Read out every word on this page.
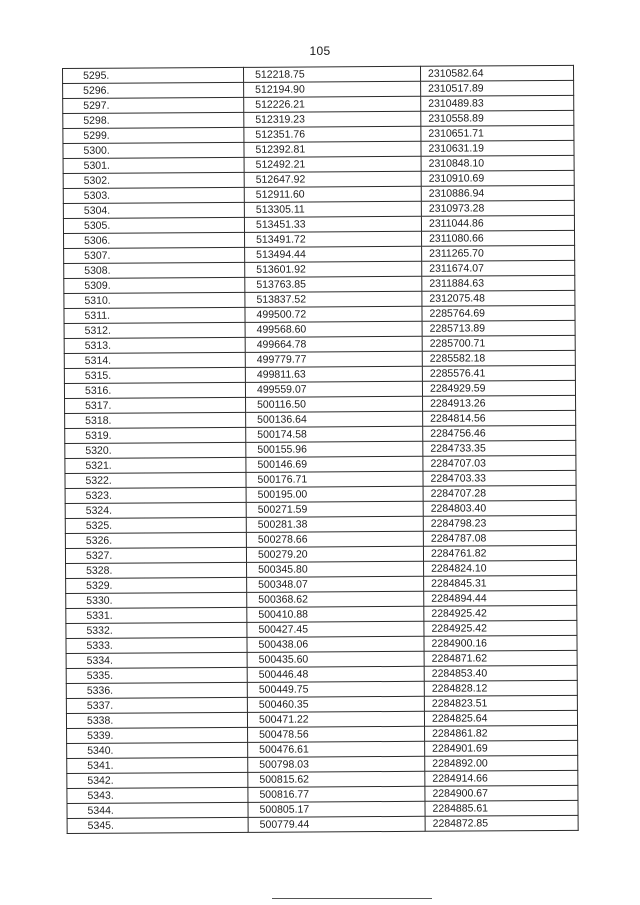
105
5295.	512218.75	2310582.64
5296.	512194.90	2310517.89
5297.	512226.21	2310489.83
5298.	512319.23	2310558.89
5299.	512351.76	2310651.71
5300.	512392.81	2310631.19
5301.	512492.21	2310848.10
5302.	512647.92	2310910.69
5303.	512911.60	2310886.94
5304.	513305.11	2310973.28
5305.	513451.33	2311044.86
5306.	513491.72	2311080.66
5307.	513494.44	2311265.70
5308.	513601.92	2311674.07
5309.	513763.85	2311884.63
5310.	513837.52	2312075.48
5311.	499500.72	2285764.69
5312.	499568.60	2285713.89
5313.	499664.78	2285700.71
5314.	499779.77	2285582.18
5315.	499811.63	2285576.41
5316.	499559.07	2284929.59
5317.	500116.50	2284913.26
5318.	500136.64	2284814.56
5319.	500174.58	2284756.46
5320.	500155.96	2284733.35
5321.	500146.69	2284707.03
5322.	500176.71	2284703.33
5323.	500195.00	2284707.28
5324.	500271.59	2284803.40
5325.	500281.38	2284798.23
5326.	500278.66	2284787.08
5327.	500279.20	2284761.82
5328.	500345.80	2284824.10
5329.	500348.07	2284845.31
5330.	500368.62	2284894.44
5331.	500410.88	2284925.42
5332.	500427.45	2284925.42
5333.	500438.06	2284900.16
5334.	500435.60	2284871.62
5335.	500446.48	2284853.40
5336.	500449.75	2284828.12
5337.	500460.35	2284823.51
5338.	500471.22	2284825.64
5339.	500478.56	2284861.82
5340.	500476.61	2284901.69
5341.	500798.03	2284892.00
5342.	500815.62	2284914.66
5343.	500816.77	2284900.67
5344.	500805.17	2284885.61
5345.	500779.44	2284872.85
